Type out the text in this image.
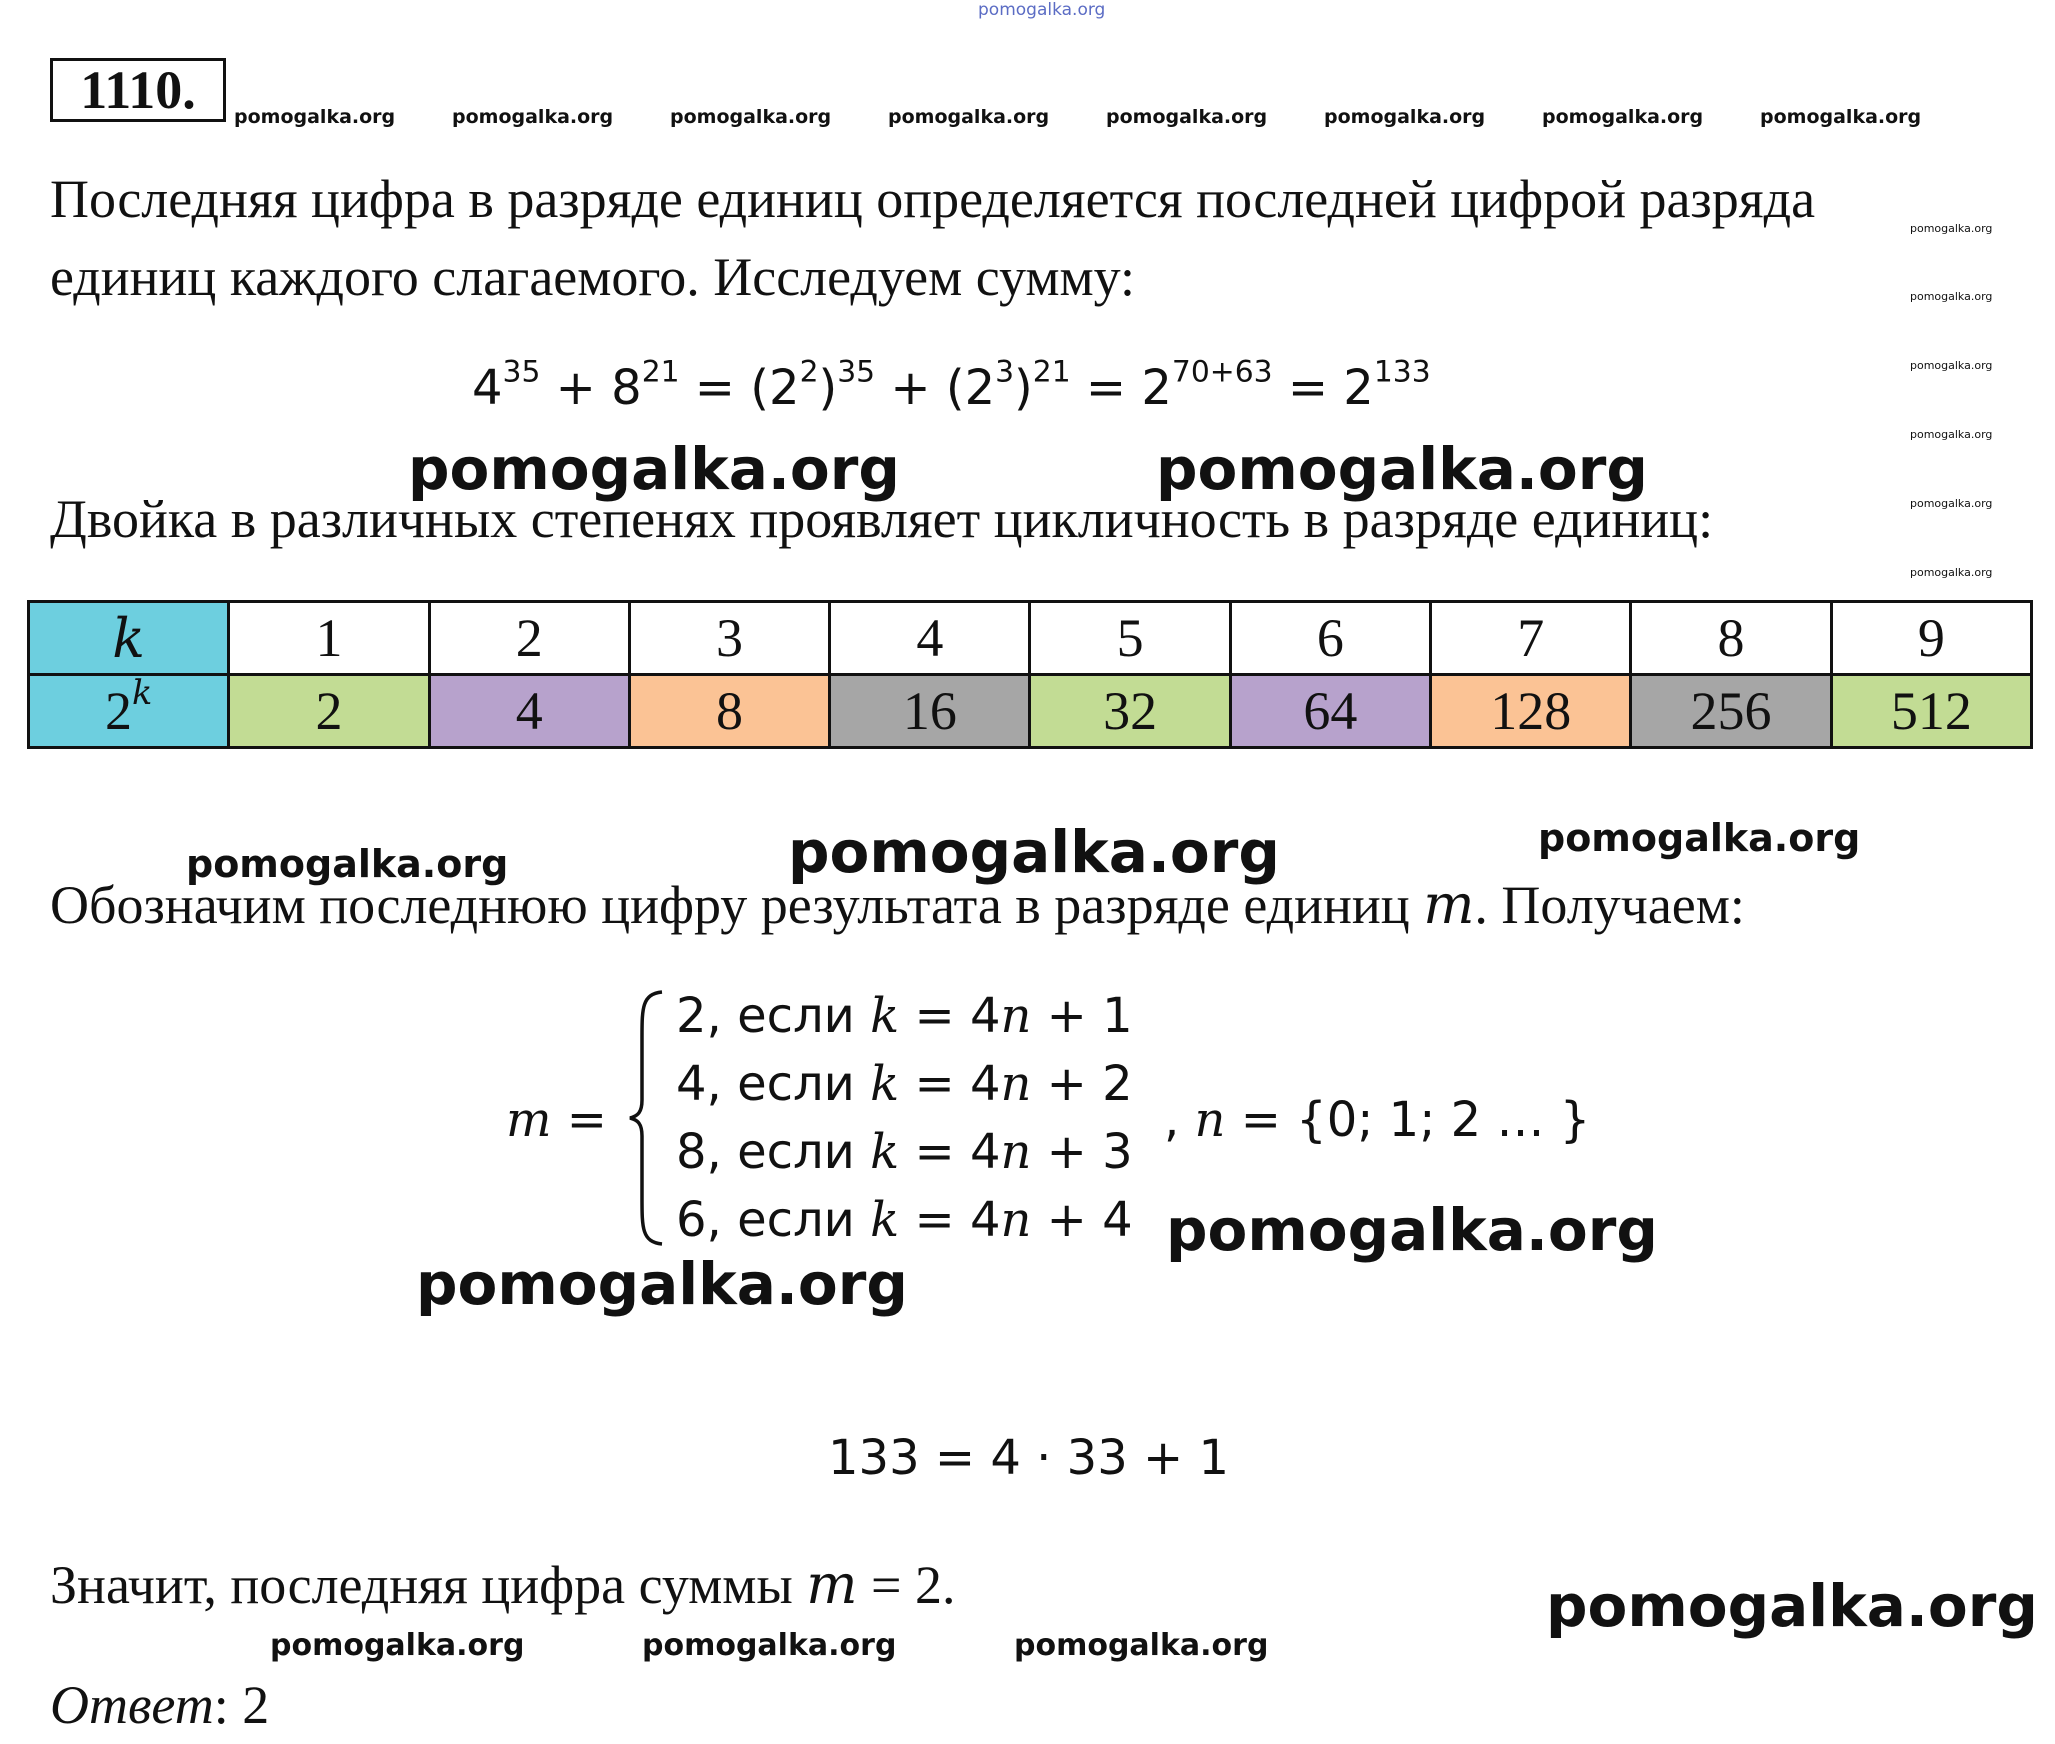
pomogalka.org
1110.	pomogalka.org	pomogalka.org	pomogalka.org	pomogalka.org	pomogalka.org	pomogalka.org	pomogalka.org	pomogalka.org
pomogalka.org
pomogalka.org
pomogalka.org
pomogalka.org
pomogalka.org
pomogalka.org
Последняя цифра в разряде единиц определяется последней цифрой разряда
единиц каждого слагаемого. Исследуем сумму:
$4^{35} + 8^{21} = (2^2)^{35} + (2^3)^{21} = 2^{70+63} = 2^{133}$
pomogalka.org	pomogalka.org
Двойка в различных степенях проявляет цикличность в разряде единиц:
k	1	2	3	4	5	6	7	8	9
2$^k$	2	4	8	16	32	64	128	256	512
pomogalka.org	pomogalka.org	pomogalka.org
Обозначим последнюю цифру результата в разряде единиц m. Получаем:
m =
2, если k = 4n + 1
4, если k = 4n + 2
8, если k = 4n + 3
6, если k = 4n + 4
, n = {0; 1; 2 … }
pomogalka.org
pomogalka.org
133 = 4 · 33 + 1
Значит, последняя цифра суммы m = 2.	pomogalka.org
pomogalka.org	pomogalka.org	pomogalka.org
Ответ: 2
